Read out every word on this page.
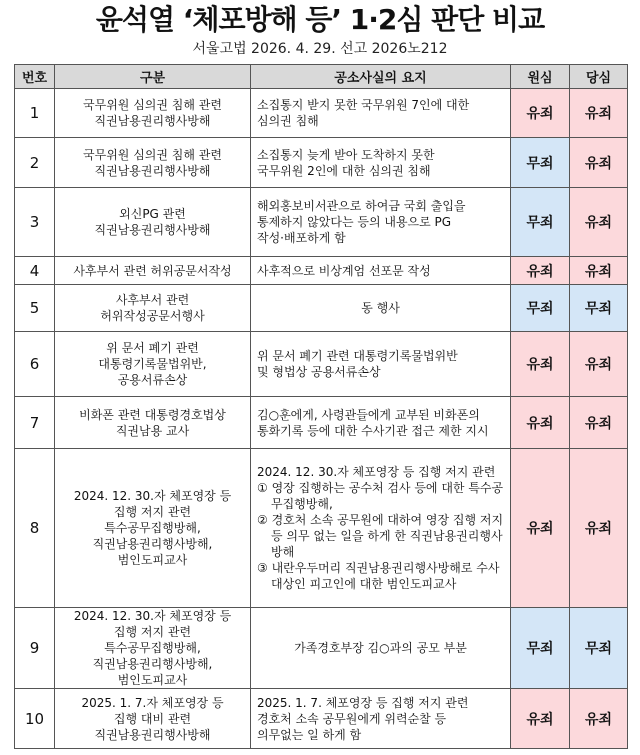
윤석열 ‘체포방해 등’ 1·2심 판단 비교
서울고법 2026. 4. 29. 선고 2026노212
번호	구분	공소사실의 요지	원심	당심
1	국무위원 심의권 침해 관련
직권남용권리행사방해	소집통지 받지 못한 국무위원 7인에 대한
심의권 침해	유죄	유죄
2	국무위원 심의권 침해 관련
직권남용권리행사방해	소집통지 늦게 받아 도착하지 못한
국무위원 2인에 대한 심의권 침해	무죄	유죄
3	외신PG 관련
직권남용권리행사방해	해외홍보비서관으로 하여금 국회 출입을
통제하지 않았다는 등의 내용으로 PG
작성·배포하게 함	무죄	유죄
4	사후부서 관련 허위공문서작성	사후적으로 비상계엄 선포문 작성	유죄	유죄
5	사후부서 관련
허위작성공문서행사	동 행사	무죄	무죄
6	위 문서 폐기 관련
대통령기록물법위반,
공용서류손상	위 문서 폐기 관련 대통령기록물법위반
및 형법상 공용서류손상	유죄	유죄
7	비화폰 관련 대통령경호법상
직권남용 교사	김○훈에게, 사령관들에게 교부된 비화폰의
통화기록 등에 대한 수사기관 접근 제한 지시	유죄	유죄
8	2024. 12. 30.자 체포영장 등
집행 저지 관련
특수공무집행방해,
직권남용권리행사방해,
범인도피교사	2024. 12. 30.자 체포영장 등 집행 저지 관련
① 영장 집행하는 공수처 검사 등에 대한 특수공무집행방해,
② 경호처 소속 공무원에 대하여 영장 집행 저지 등 의무 없는 일을 하게 한 직권남용권리행사방해
③ 내란우두머리 직권남용권리행사방해로 수사대상인 피고인에 대한 범인도피교사	유죄	유죄
9	2024. 12. 30.자 체포영장 등
집행 저지 관련
특수공무집행방해,
직권남용권리행사방해,
범인도피교사	가족경호부장 김○과의 공모 부분	무죄	무죄
10	2025. 1. 7.자 체포영장 등
집행 대비 관련
직권남용권리행사방해	2025. 1. 7. 체포영장 등 집행 저지 관련
경호처 소속 공무원에게 위력순찰 등
의무없는 일 하게 함	유죄	유죄
